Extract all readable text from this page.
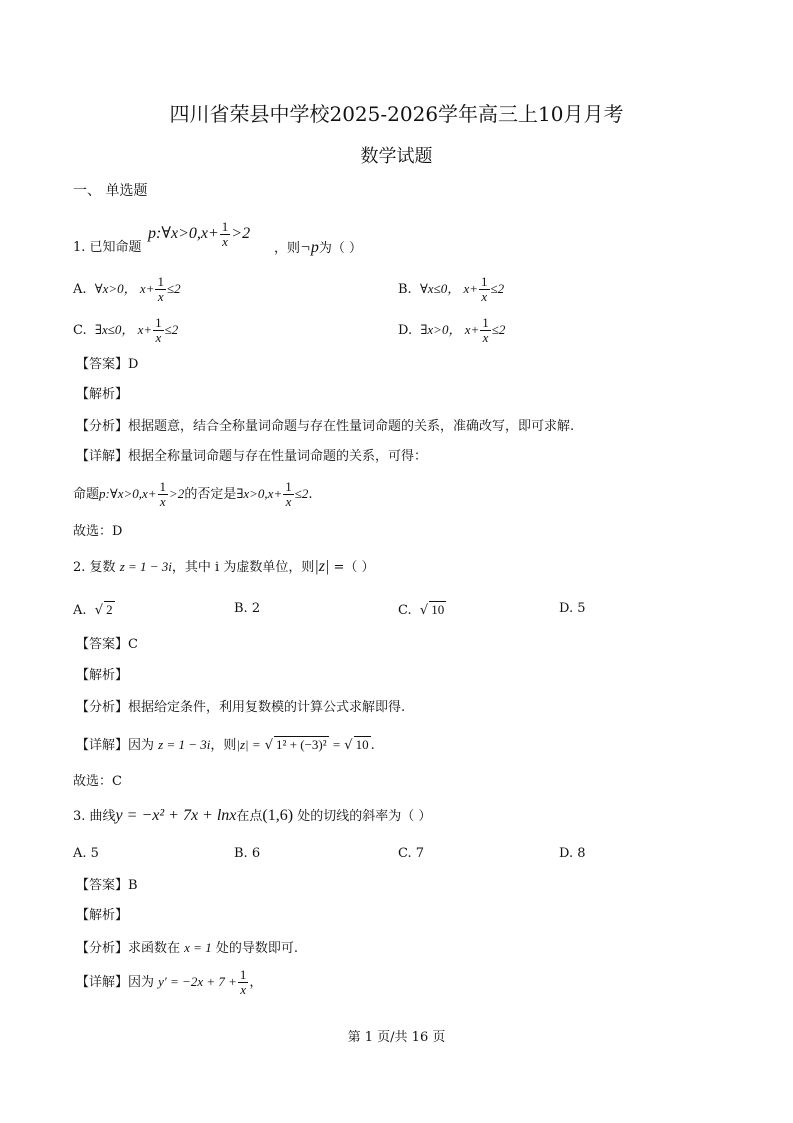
四川省荣县中学校2025-2026学年高三上10月月考
数学试题
一、 单选题
p:∀x>0,x+ $\frac{1}{x} >2$
1. 已知命题	，则¬p为（ ）
A. ∀x>0， $x+ \frac{1}{x} \le 2$	B. ∀x≤0， $x+ \frac{1}{x} \le 2$
C. ∃x≤0， $x+ \frac{1}{x} \le 2$	D. ∃x>0， $x+ \frac{1}{x} \le 2$
【答案】D
【解析】
【分析】根据题意，结合全称量词命题与存在性量词命题的关系，准确改写，即可求解.
【详解】根据全称量词命题与存在性量词命题的关系，可得：
命题p:∀x>0,x+ $\frac{1}{x} >2$的否定是∃x>0,x+ $\frac{1}{x} \le 2$.
故选：D
2. 复数 z = 1 − 3i，其中 i 为虚数单位，则|z| =（ ）
A.  √ 2	B. 2	C.  √ 10	D. 5
【答案】C
【解析】
【分析】根据给定条件，利用复数模的计算公式求解即得.
【详解】因为 z = 1 − 3i，则|z| = √ 1² + (−3)² = √ 10 .
故选：C
3. 曲线y = −x² + 7x + lnx在点(1,6) 处的切线的斜率为（ ）
A. 5	B. 6	C. 7	D. 8
【答案】B
【解析】
【分析】求函数在 x = 1 处的导数即可.
【详解】因为 $y' = -2x + 7 + \frac{1}{x}$ ，
第 1 页/共 16 页
